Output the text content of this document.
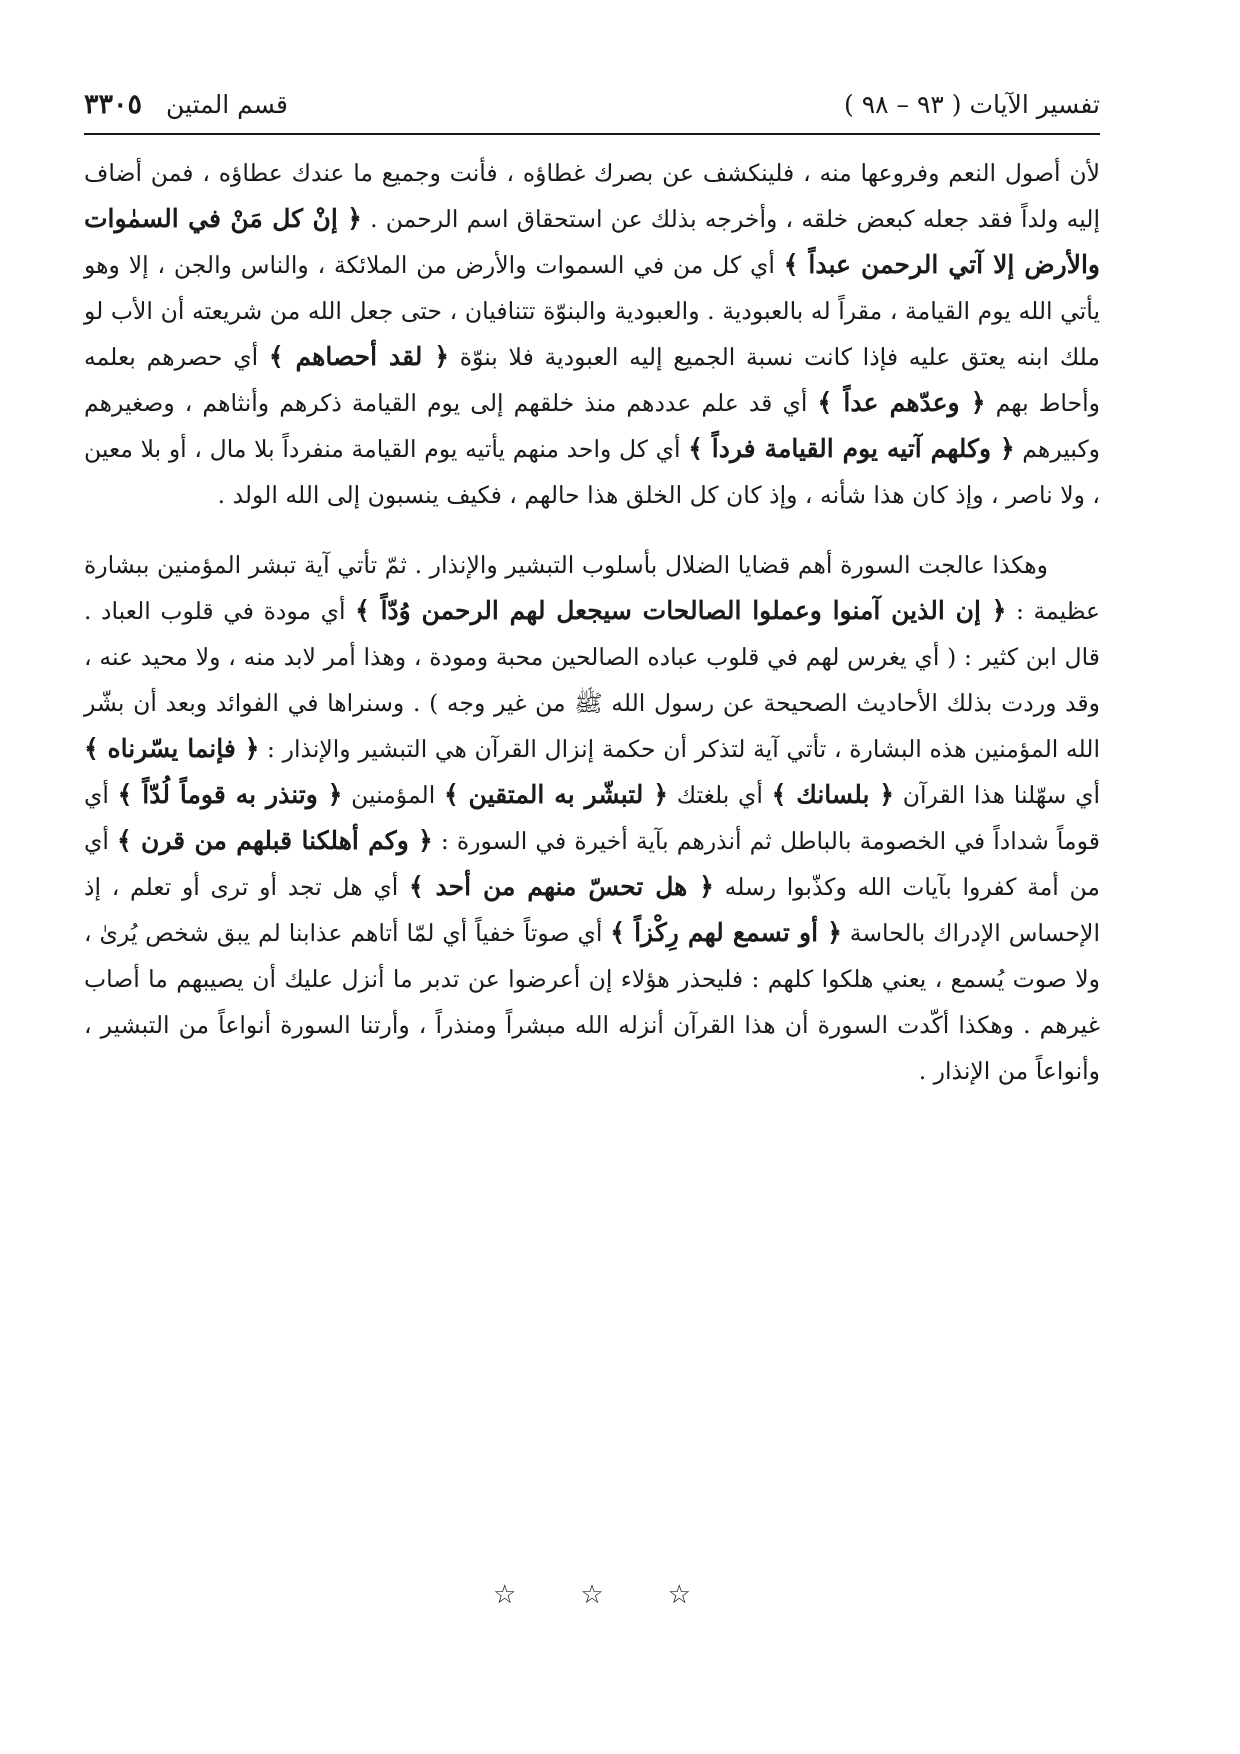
تفسير الآيات ( ٩٣ – ٩٨ )
قسم المتين
٣٣٠٥

لأن أصول النعم وفروعها منه ، فلينكشف عن بصرك غطاؤه ، فأنت وجميع ما عندك عطاؤه ، فمن أضاف إليه ولداً فقد جعله كبعض خلقه ، وأخرجه بذلك عن استحقاق اسم الرحمن . ﴿ إنْ كل مَنْ في السمٰوات والأرض إلا آتي الرحمن عبداً ﴾ أي كل من في السموات والأرض من الملائكة ، والناس والجن ، إلا وهو يأتي الله يوم القيامة ، مقراً له بالعبودية . والعبودية والبنوّة تتنافيان ، حتى جعل الله من شريعته أن الأب لو ملك ابنه يعتق عليه فإذا كانت نسبة الجميع إليه العبودية فلا بنوّة ﴿ لقد أحصاهم ﴾ أي حصرهم بعلمه وأحاط بهم ﴿ وعدّهم عداً ﴾ أي قد علم عددهم منذ خلقهم إلى يوم القيامة ذكرهم وأنثاهم ، وصغيرهم وكبيرهم ﴿ وكلهم آتيه يوم القيامة فرداً ﴾ أي كل واحد منهم يأتيه يوم القيامة منفرداً بلا مال ، أو بلا معين ، ولا ناصر ، وإذ كان هذا شأنه ، وإذ كان كل الخلق هذا حالهم ، فكيف ينسبون إلى الله الولد .

وهكذا عالجت السورة أهم قضايا الضلال بأسلوب التبشير والإنذار . ثمّ تأتي آية تبشر المؤمنين ببشارة عظيمة : ﴿ إن الذين آمنوا وعملوا الصالحات سيجعل لهم الرحمن وُدّاً ﴾ أي مودة في قلوب العباد . قال ابن كثير : ( أي يغرس لهم في قلوب عباده الصالحين محبة ومودة ، وهذا أمر لابد منه ، ولا محيد عنه ، وقد وردت بذلك الأحاديث الصحيحة عن رسول الله ﷺ من غير وجه ) . وسنراها في الفوائد وبعد أن بشّر الله المؤمنين هذه البشارة ، تأتي آية لتذكر أن حكمة إنزال القرآن هي التبشير والإنذار : ﴿ فإنما يسّرناه ﴾ أي سهّلنا هذا القرآن ﴿ بلسانك ﴾ أي بلغتك ﴿ لتبشّر به المتقين ﴾ المؤمنين ﴿ وتنذر به قوماً لُدّاً ﴾ أي قوماً شداداً في الخصومة بالباطل ثم أنذرهم بآية أخيرة في السورة : ﴿ وكم أهلكنا قبلهم من قرن ﴾ أي من أمة كفروا بآيات الله وكذّبوا رسله ﴿ هل تحسّ منهم من أحد ﴾ أي هل تجد أو ترى أو تعلم ، إذ الإحساس الإدراك بالحاسة ﴿ أو تسمع لهم رِكْزاً ﴾ أي صوتاً خفياً أي لمّا أتاهم عذابنا لم يبق شخص يُرىٰ ، ولا صوت يُسمع ، يعني هلكوا كلهم : فليحذر هؤلاء إن أعرضوا عن تدبر ما أنزل عليك أن يصيبهم ما أصاب غيرهم . وهكذا أكّدت السورة أن هذا القرآن أنزله الله مبشراً ومنذراً ، وأرتنا السورة أنواعاً من التبشير ، وأنواعاً من الإنذار .

☆ ☆ ☆
